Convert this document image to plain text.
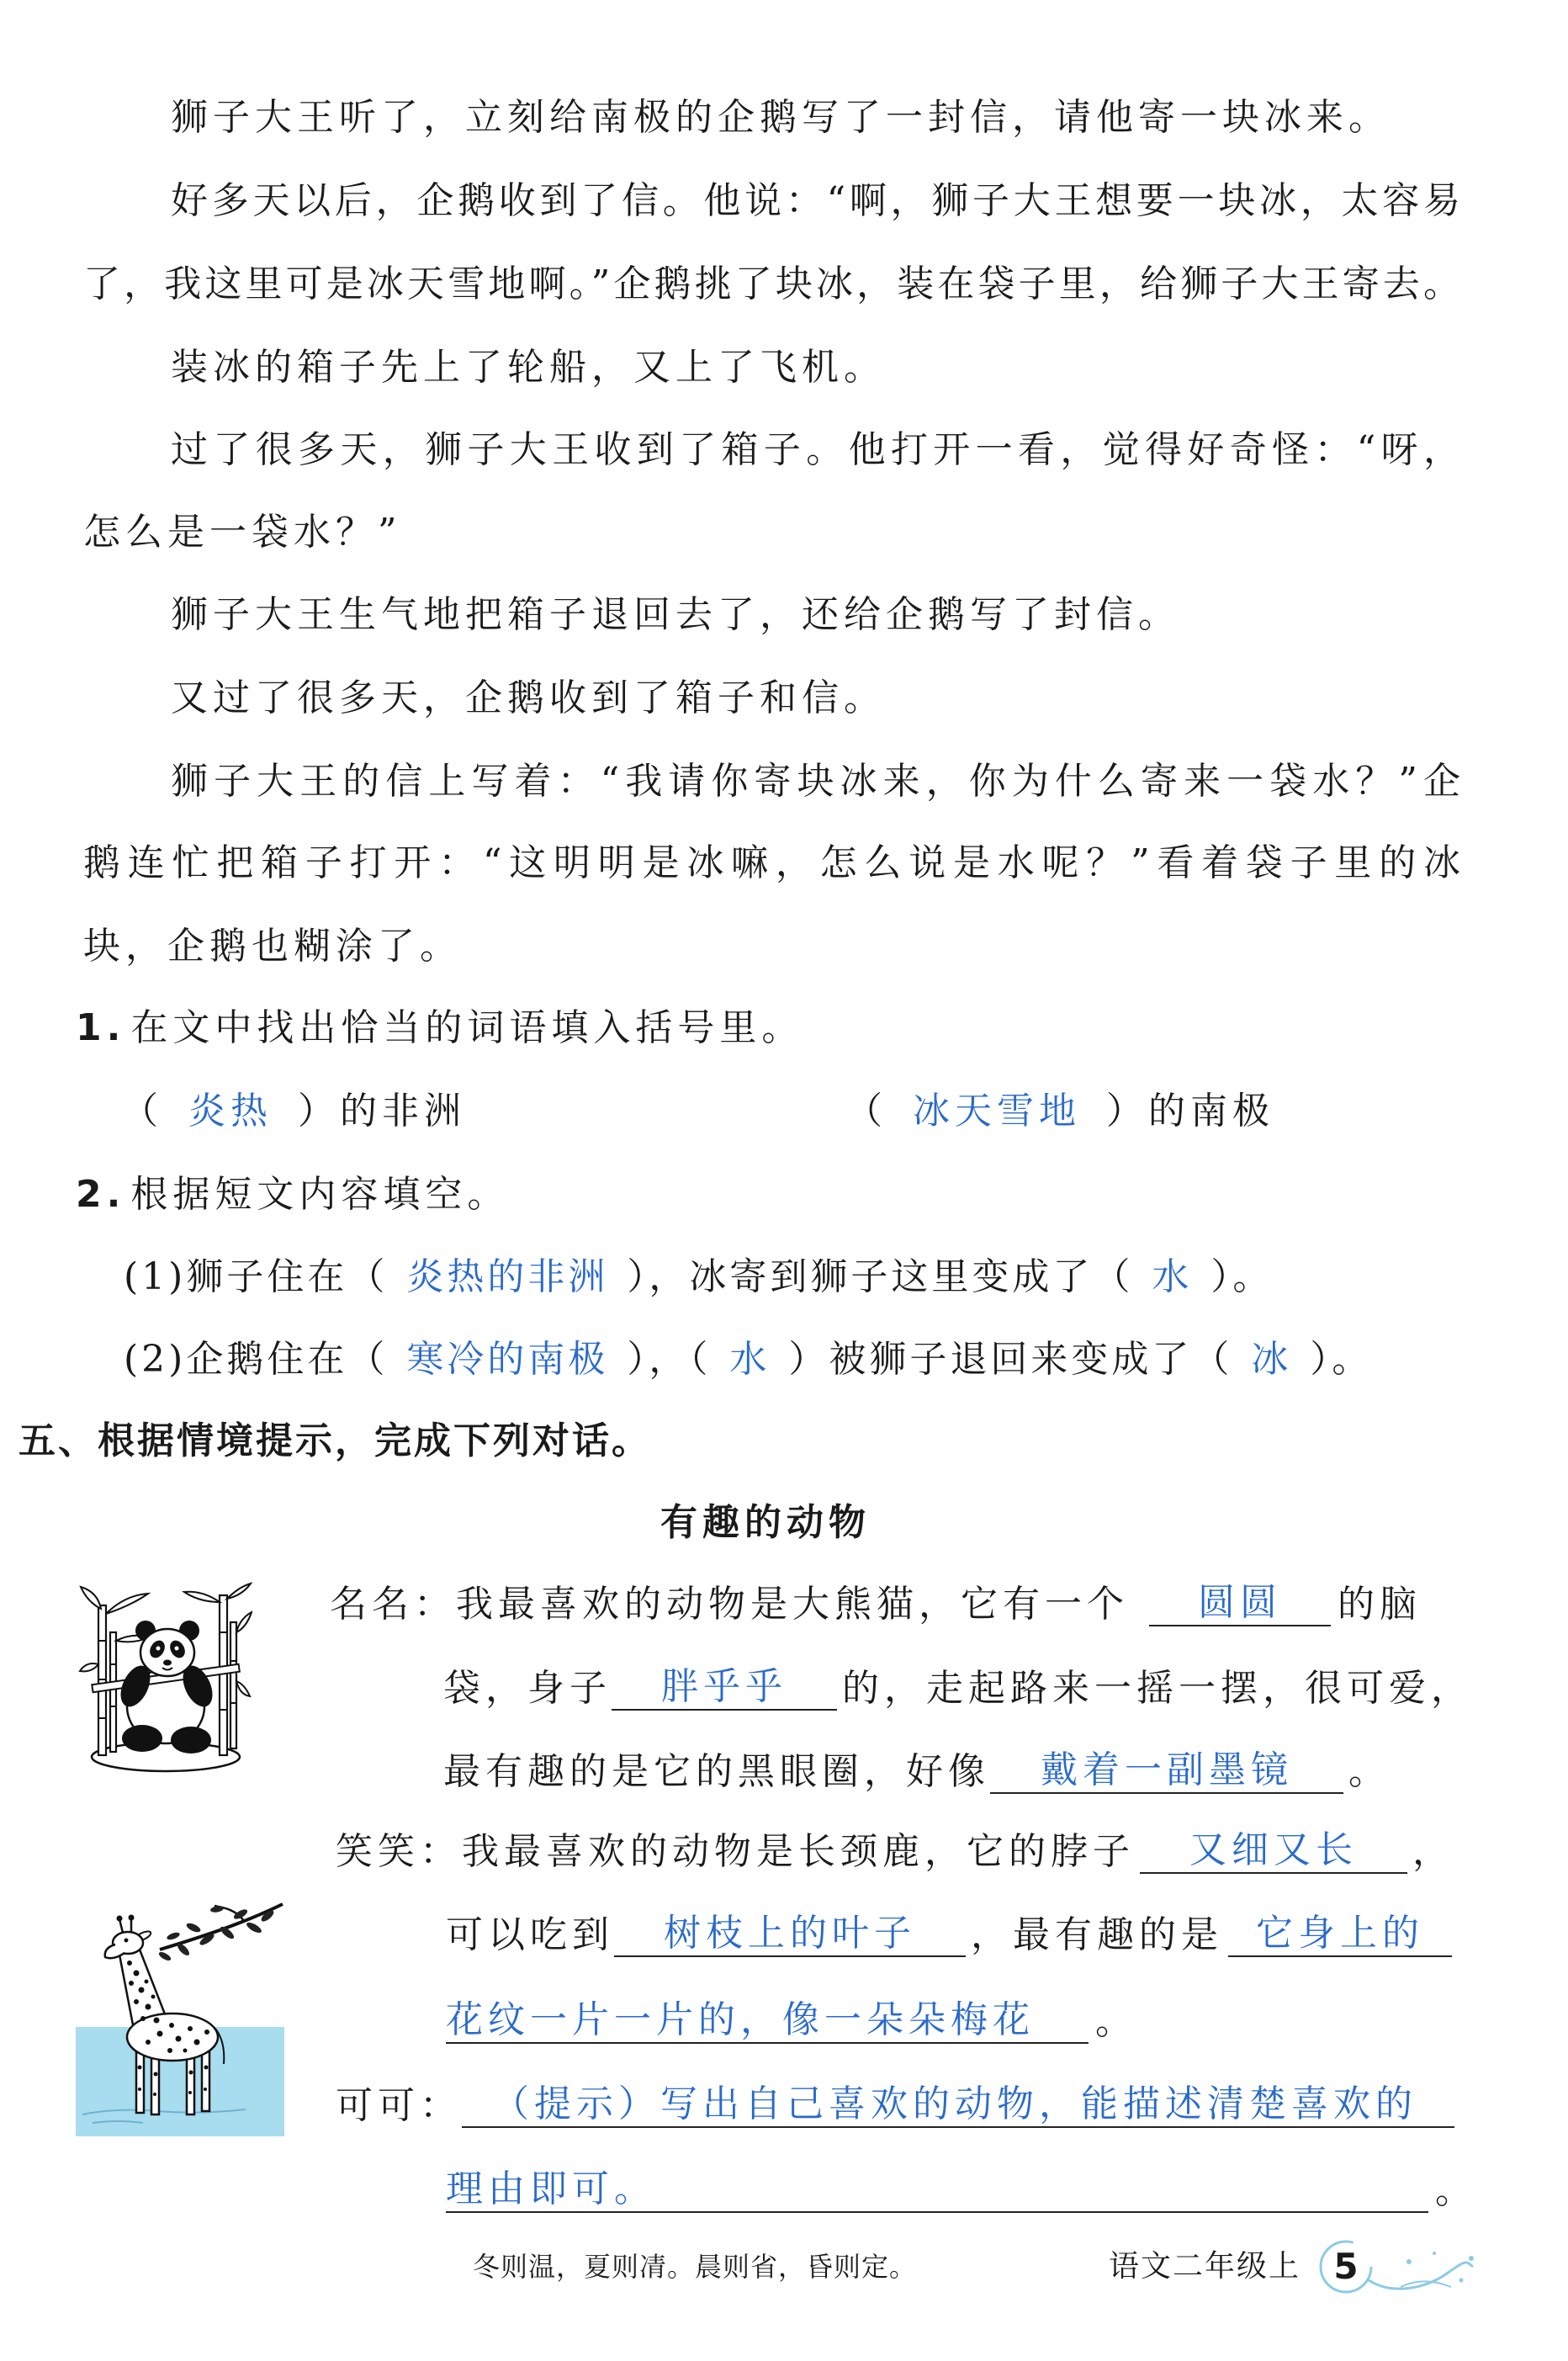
狮子大王听了，立刻给南极的企鹅写了一封信，请他寄一块冰来。
好多天以后，企鹅收到了信。他说：“啊，狮子大王想要一块冰，太容易
了，我这里可是冰天雪地啊。”企鹅挑了块冰，装在袋子里，给狮子大王寄去。
装冰的箱子先上了轮船，又上了飞机。
过了很多天，狮子大王收到了箱子。他打开一看，觉得好奇怪：“呀，
怎么是一袋水？”
狮子大王生气地把箱子退回去了，还给企鹅写了封信。
又过了很多天，企鹅收到了箱子和信。
狮子大王的信上写着：“我请你寄块冰来，你为什么寄来一袋水？”企
鹅连忙把箱子打开：“这明明是冰嘛，怎么说是水呢？”看着袋子里的冰
块，企鹅也糊涂了。
1. 在文中找出恰当的词语填入括号里。
（ 炎热 ）的非洲	（ 冰天雪地 ）的南极
2. 根据短文内容填空。
(1)狮子住在（ 炎热的非洲 ），冰寄到狮子这里变成了（ 水 ）。
(2)企鹅住在（ 寒冷的南极 ），（ 水 ）被狮子退回来变成了（ 冰 ）。
五、根据情境提示，完成下列对话。
有趣的动物
名名：我最喜欢的动物是大熊猫，它有一个 圆圆 的脑
袋，身子 胖乎乎 的，走起路来一摇一摆，很可爱，
最有趣的是它的黑眼圈，好像 戴着一副墨镜 。
笑笑：我最喜欢的动物是长颈鹿，它的脖子 又细又长 ，
可以吃到 树枝上的叶子 ，最有趣的是 它身上的
花纹一片一片的，像一朵朵梅花 。
可可： （提示）写出自己喜欢的动物，能描述清楚喜欢的
理由即可。	。
冬则温，夏则凊。晨则省，昏则定。	语文二年级上 5
